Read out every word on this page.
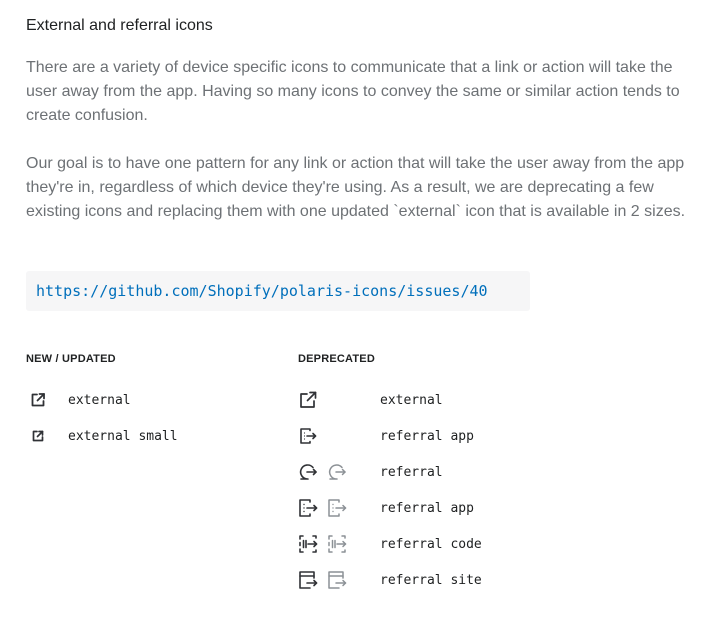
External and referral icons

There are a variety of device specific icons to communicate that a link or action will take the user away from the app. Having so many icons to convey the same or similar action tends to create confusion.

Our goal is to have one pattern for any link or action that will take the user away from the app they're in, regardless of which device they're using. As a result, we are deprecating a few existing icons and replacing them with one updated `external` icon that is available in 2 sizes.

https://github.com/Shopify/polaris-icons/issues/40
NEW / UPDATED
external
external small
DEPRECATED
external
referral app
referral
referral app
referral code
referral site
